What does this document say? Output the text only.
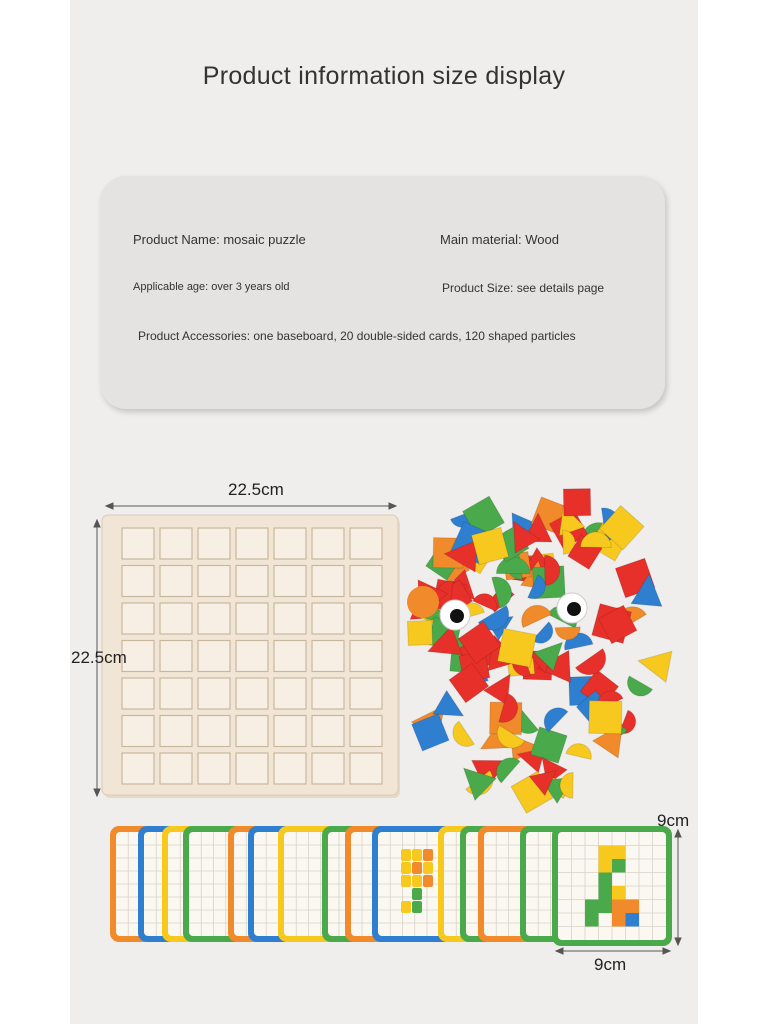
Product information size display
Product Name: mosaic puzzle	Main material: Wood
Applicable age: over 3 years old	Product Size: see details page
Product Accessories: one baseboard, 20 double-sided cards, 120 shaped particles
22.5cm
22.5cm
9cm
9cm
